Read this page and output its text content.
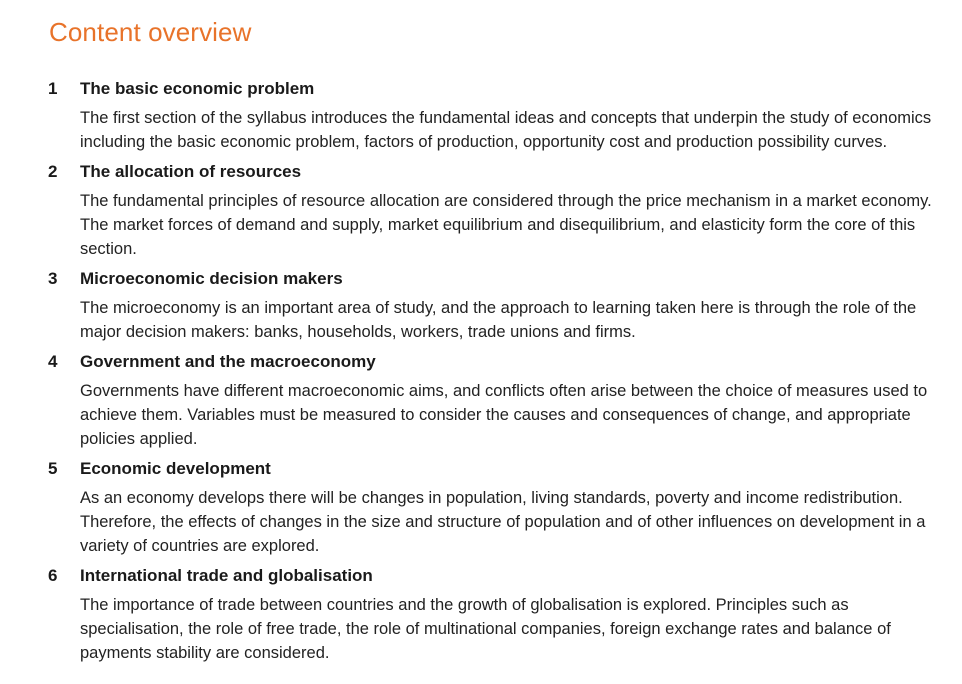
Content overview
1	The basic economic problem

The first section of the syllabus introduces the fundamental ideas and concepts that underpin the study of economics including the basic economic problem, factors of production, opportunity cost and production possibility curves.

2	The allocation of resources

The fundamental principles of resource allocation are considered through the price mechanism in a market economy. The market forces of demand and supply, market equilibrium and disequilibrium, and elasticity form the core of this section.

3	Microeconomic decision makers

The microeconomy is an important area of study, and the approach to learning taken here is through the role of the major decision makers: banks, households, workers, trade unions and firms.

4	Government and the macroeconomy

Governments have different macroeconomic aims, and conflicts often arise between the choice of measures used to achieve them. Variables must be measured to consider the causes and consequences of change, and appropriate policies applied.

5	Economic development

As an economy develops there will be changes in population, living standards, poverty and income redistribution. Therefore, the effects of changes in the size and structure of population and of other influences on development in a variety of countries are explored.

6	International trade and globalisation

The importance of trade between countries and the growth of globalisation is explored. Principles such as specialisation, the role of free trade, the role of multinational companies, foreign exchange rates and balance of payments stability are considered.
